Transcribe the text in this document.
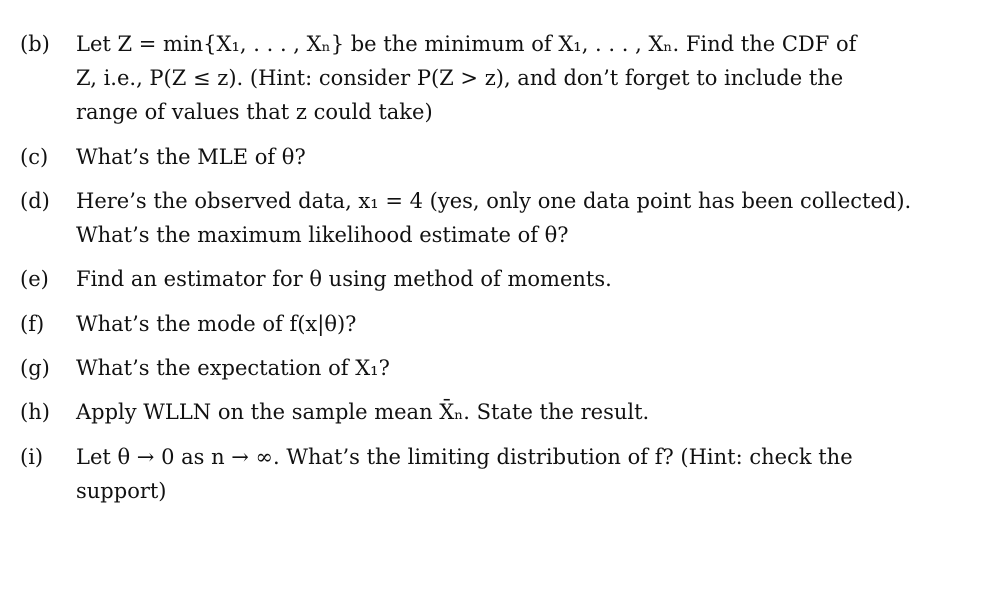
(b) Let Z = min{X₁, . . . , Xₙ} be the minimum of X₁, . . . , Xₙ. Find the CDF of
Z, i.e., P(Z ≤ z). (Hint: consider P(Z > z), and don’t forget to include the
range of values that z could take)
(c) What’s the MLE of θ?
(d) Here’s the observed data, x₁ = 4 (yes, only one data point has been collected).
What’s the maximum likelihood estimate of θ?
(e) Find an estimator for θ using method of moments.
(f) What’s the mode of f(x|θ)?
(g) What’s the expectation of X₁?
(h) Apply WLLN on the sample mean X̄ₙ. State the result.
(i) Let θ → 0 as n → ∞. What’s the limiting distribution of f? (Hint: check the
support)
